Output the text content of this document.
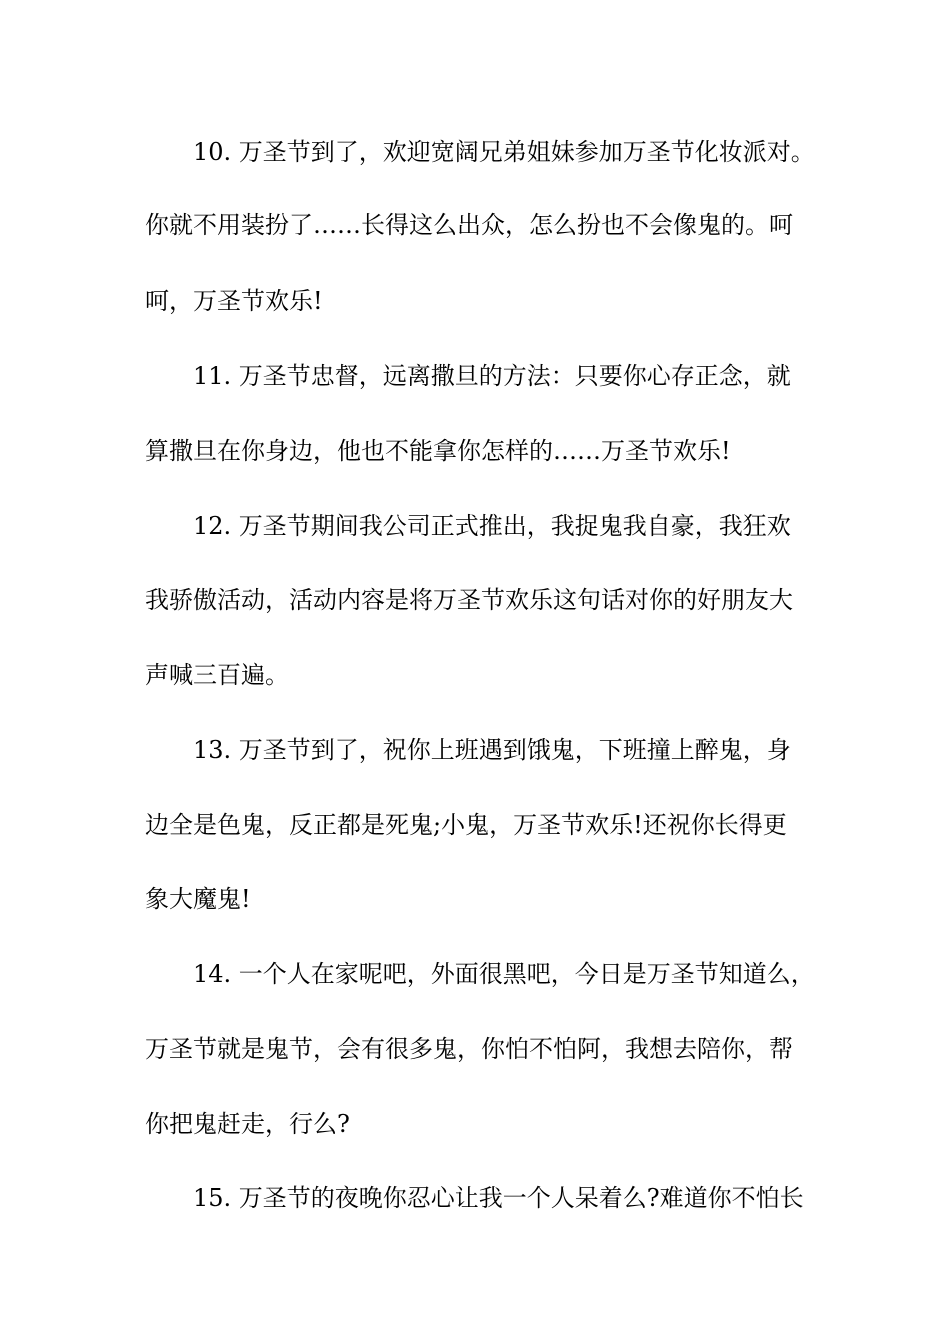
10. 万圣节到了，欢迎宽阔兄弟姐妹参加万圣节化妆派对。
你就不用装扮了……长得这么出众，怎么扮也不会像鬼的。呵
呵，万圣节欢乐!
11. 万圣节忠督，远离撒旦的方法：只要你心存正念，就
算撒旦在你身边，他也不能拿你怎样的……万圣节欢乐!
12. 万圣节期间我公司正式推出，我捉鬼我自豪，我狂欢
我骄傲活动，活动内容是将万圣节欢乐这句话对你的好朋友大
声喊三百遍。
13. 万圣节到了，祝你上班遇到饿鬼，下班撞上醉鬼，身
边全是色鬼，反正都是死鬼;小鬼，万圣节欢乐!还祝你长得更
象大魔鬼!
14. 一个人在家呢吧，外面很黑吧，今日是万圣节知道么，
万圣节就是鬼节，会有很多鬼，你怕不怕阿，我想去陪你，帮
你把鬼赶走，行么?
15. 万圣节的夜晚你忍心让我一个人呆着么?难道你不怕长
